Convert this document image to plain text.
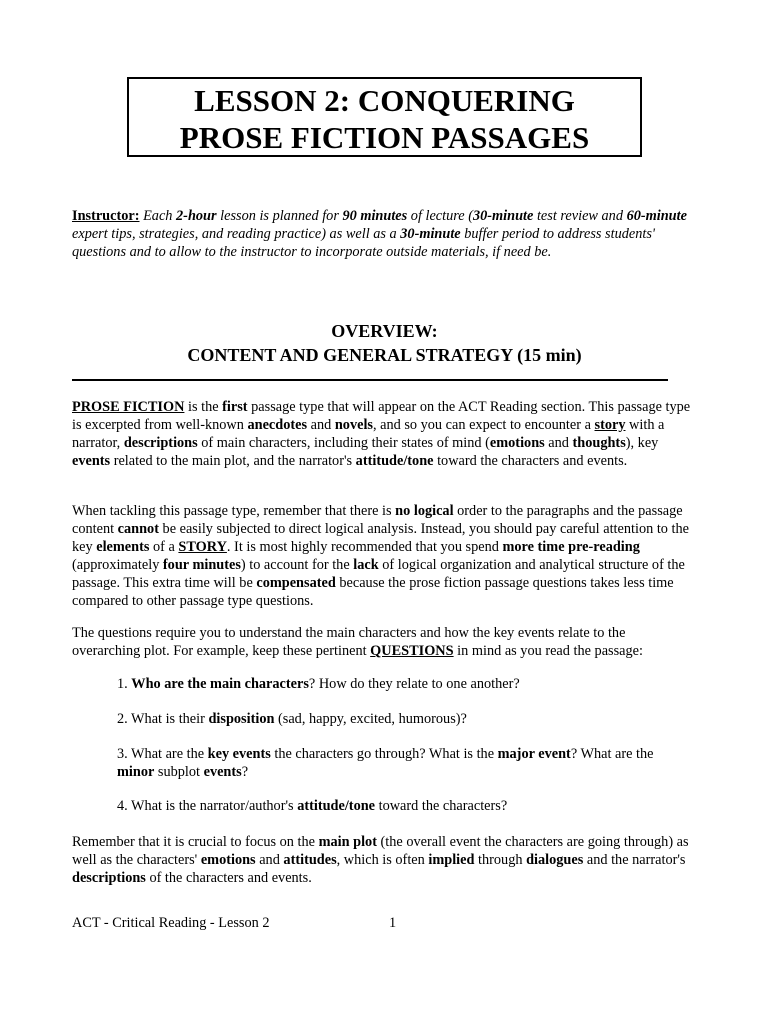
LESSON 2: CONQUERING
PROSE FICTION PASSAGES
Instructor: Each 2-hour lesson is planned for 90 minutes of lecture (30-minute test review and 60-minute expert tips, strategies, and reading practice) as well as a 30-minute buffer period to address students' questions and to allow to the instructor to incorporate outside materials, if need be.
OVERVIEW:
CONTENT AND GENERAL STRATEGY (15 min)
PROSE FICTION is the first passage type that will appear on the ACT Reading section. This passage type is excerpted from well-known anecdotes and novels, and so you can expect to encounter a story with a narrator, descriptions of main characters, including their states of mind (emotions and thoughts), key events related to the main plot, and the narrator's attitude/tone toward the characters and events.
When tackling this passage type, remember that there is no logical order to the paragraphs and the passage content cannot be easily subjected to direct logical analysis. Instead, you should pay careful attention to the key elements of a STORY. It is most highly recommended that you spend more time pre-reading (approximately four minutes) to account for the lack of logical organization and analytical structure of the passage. This extra time will be compensated because the prose fiction passage questions takes less time compared to other passage type questions.
The questions require you to understand the main characters and how the key events relate to the overarching plot. For example, keep these pertinent QUESTIONS in mind as you read the passage:
1. Who are the main characters? How do they relate to one another?
2. What is their disposition (sad, happy, excited, humorous)?
3. What are the key events the characters go through? What is the major event? What are the minor subplot events?
4. What is the narrator/author's attitude/tone toward the characters?
Remember that it is crucial to focus on the main plot (the overall event the characters are going through) as well as the characters' emotions and attitudes, which is often implied through dialogues and the narrator's descriptions of the characters and events.
ACT - Critical Reading - Lesson 2	1
